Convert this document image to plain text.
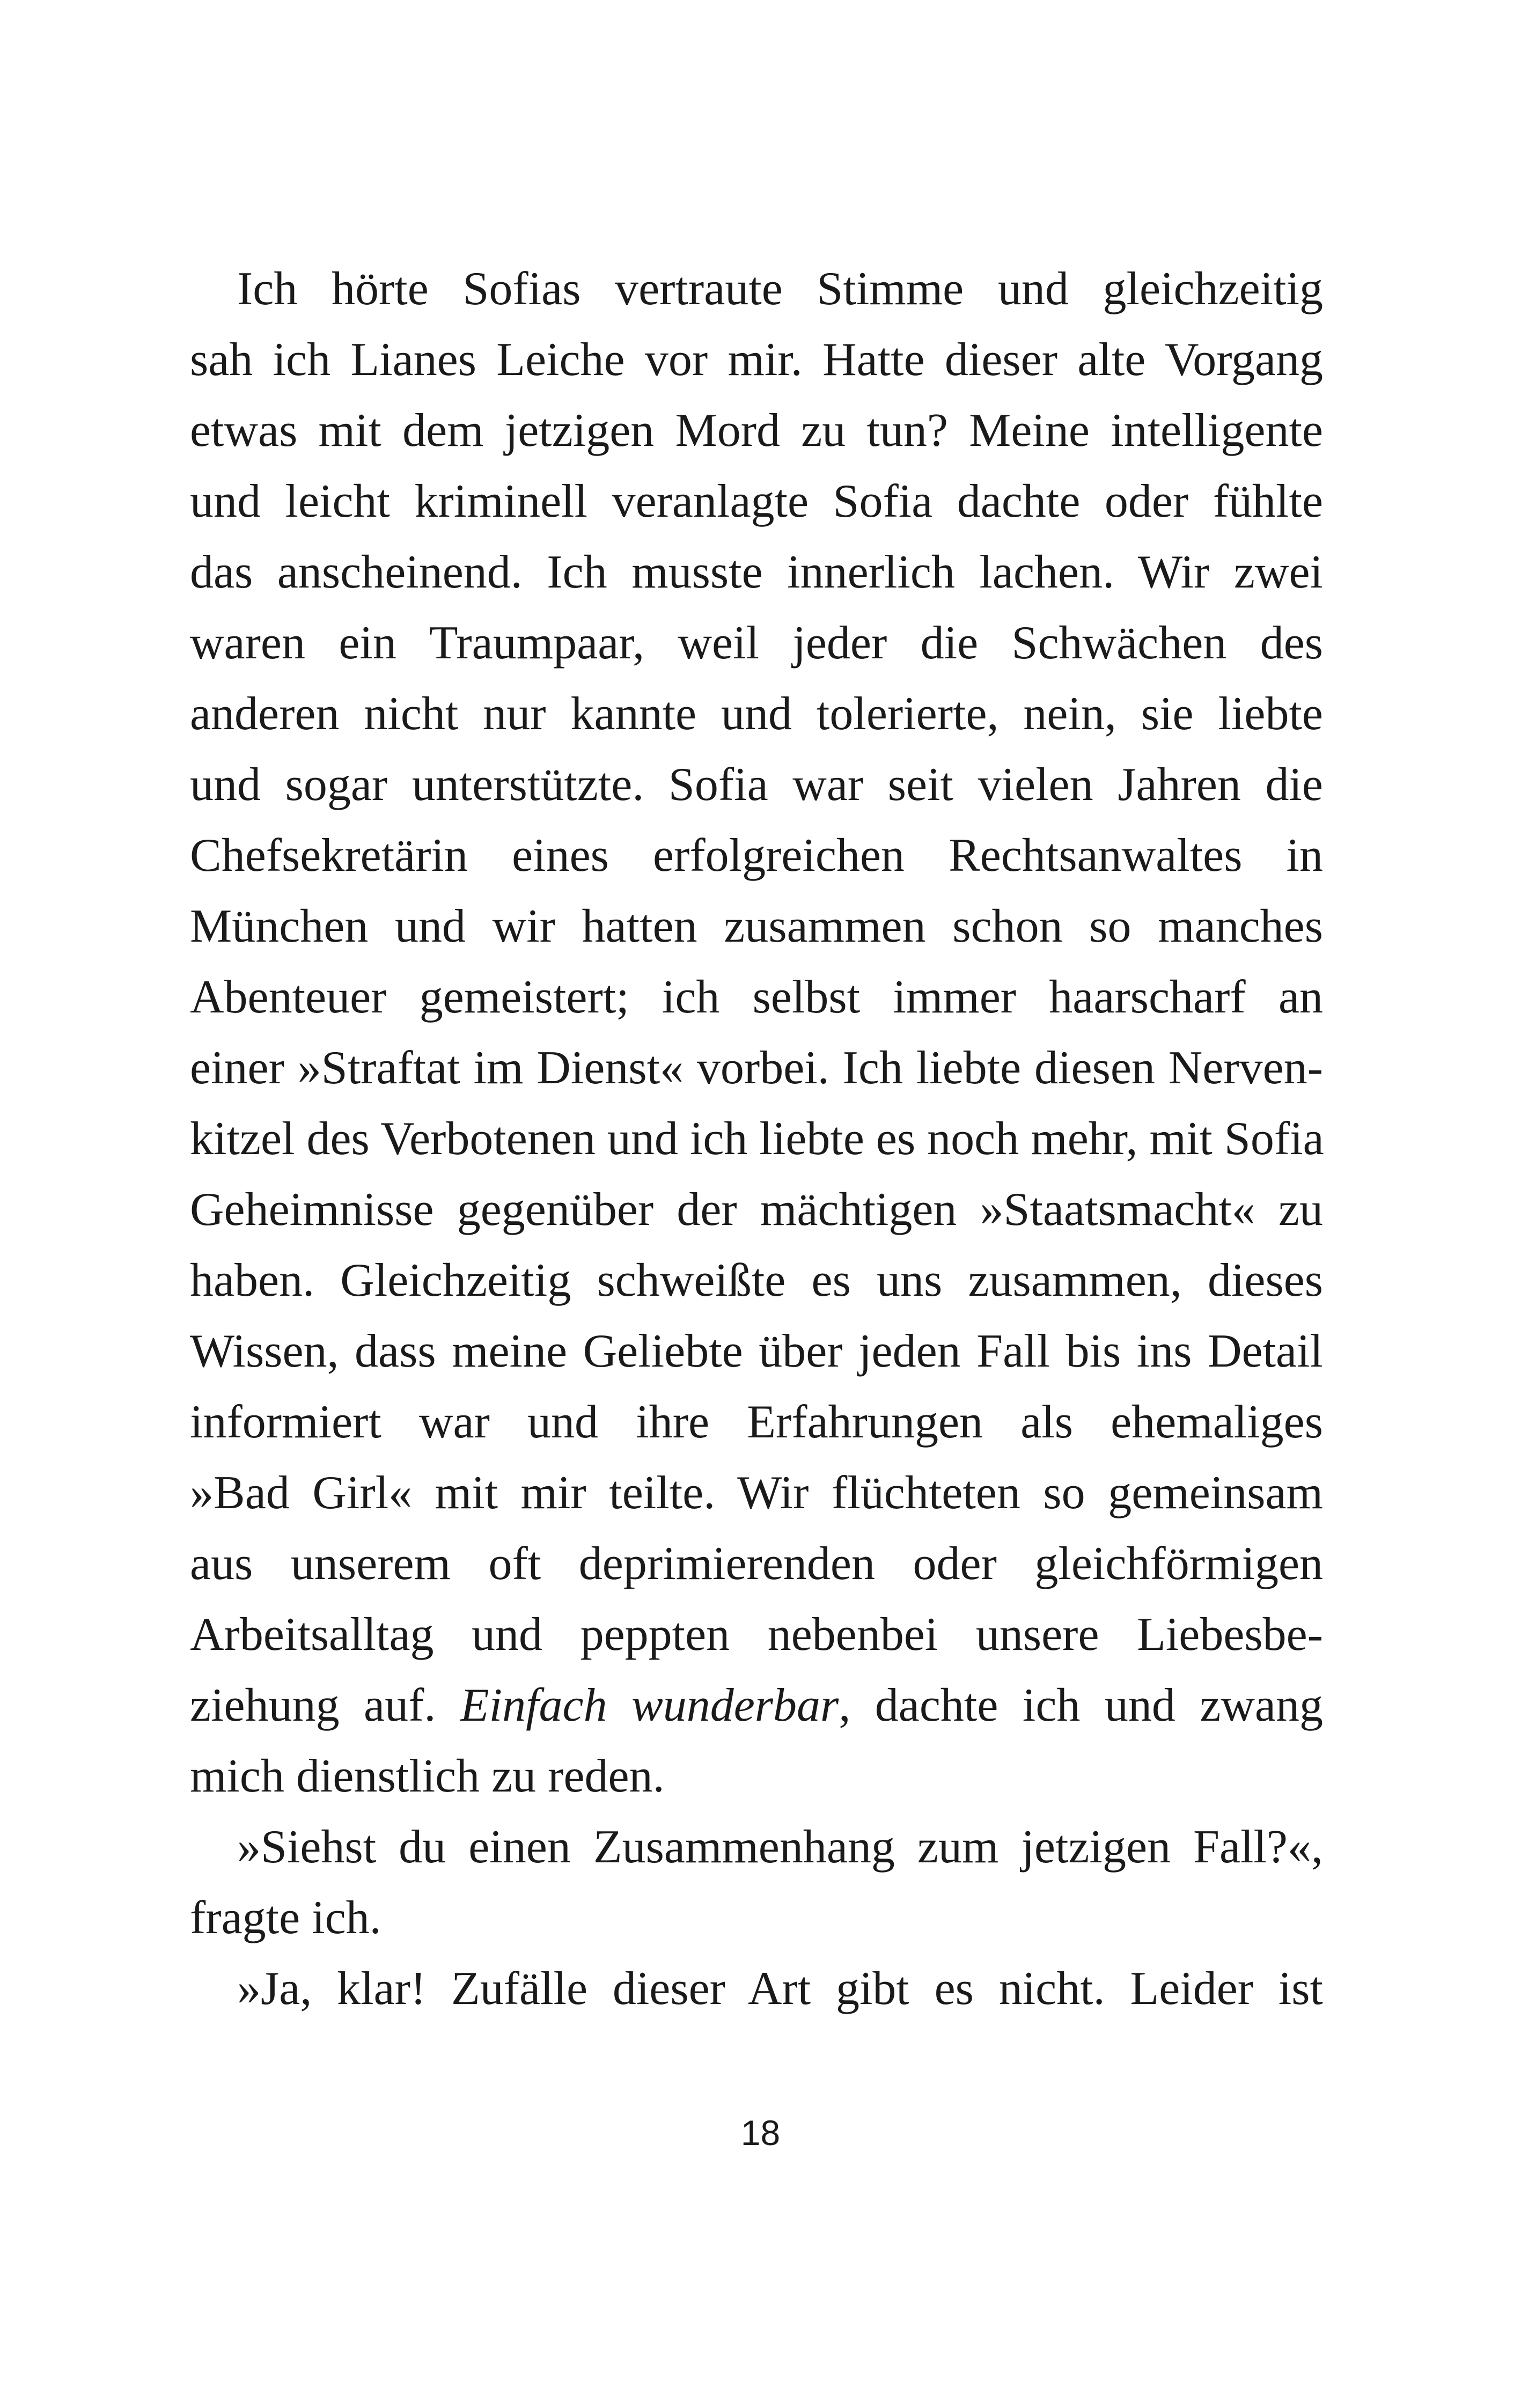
Ich hörte Sofias vertraute Stimme und gleichzeitig
sah ich Lianes Leiche vor mir. Hatte dieser alte Vorgang
etwas mit dem jetzigen Mord zu tun? Meine intelligente
und leicht kriminell veranlagte Sofia dachte oder fühlte
das anscheinend. Ich musste innerlich lachen. Wir zwei
waren ein Traumpaar, weil jeder die Schwächen des
anderen nicht nur kannte und tolerierte, nein, sie liebte
und sogar unterstützte. Sofia war seit vielen Jahren die
Chefsekretärin eines erfolgreichen Rechtsanwaltes in
München und wir hatten zusammen schon so manches
Abenteuer gemeistert; ich selbst immer haarscharf an
einer »Straftat im Dienst« vorbei. Ich liebte diesen Nerven-
kitzel des Verbotenen und ich liebte es noch mehr, mit Sofia
Geheimnisse gegenüber der mächtigen »Staatsmacht« zu
haben. Gleichzeitig schweißte es uns zusammen, dieses
Wissen, dass meine Geliebte über jeden Fall bis ins Detail
informiert war und ihre Erfahrungen als ehemaliges
»Bad Girl« mit mir teilte. Wir flüchteten so gemeinsam
aus unserem oft deprimierenden oder gleichförmigen
Arbeitsalltag und peppten nebenbei unsere Liebesbe-
ziehung auf. Einfach wunderbar, dachte ich und zwang
mich dienstlich zu reden.
»Siehst du einen Zusammenhang zum jetzigen Fall?«,
fragte ich.
»Ja, klar! Zufälle dieser Art gibt es nicht. Leider ist
18
